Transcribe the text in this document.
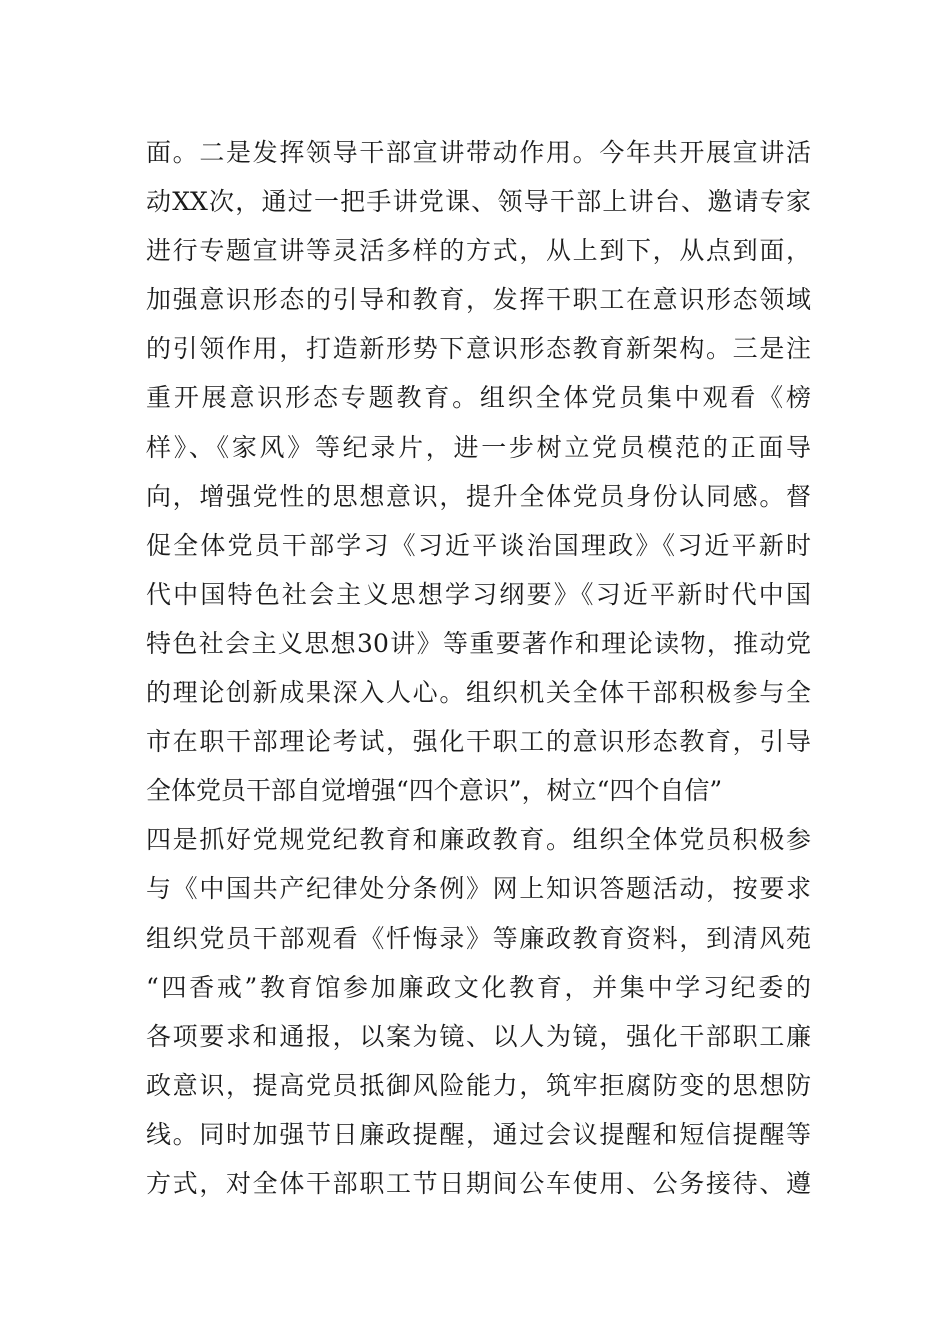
面。二是发挥领导干部宣讲带动作用。今年共开展宣讲活
动XX次，通过一把手讲党课、领导干部上讲台、邀请专家
进行专题宣讲等灵活多样的方式，从上到下，从点到面，
加强意识形态的引导和教育，发挥干职工在意识形态领域
的引领作用，打造新形势下意识形态教育新架构。三是注
重开展意识形态专题教育。组织全体党员集中观看《榜
样》、《家风》等纪录片，进一步树立党员模范的正面导
向，增强党性的思想意识，提升全体党员身份认同感。督
促全体党员干部学习《习近平谈治国理政》《习近平新时
代中国特色社会主义思想学习纲要》《习近平新时代中国
特色社会主义思想30讲》等重要著作和理论读物，推动党
的理论创新成果深入人心。组织机关全体干部积极参与全
市在职干部理论考试，强化干职工的意识形态教育，引导
全体党员干部自觉增强“四个意识”，树立“四个自信”
四是抓好党规党纪教育和廉政教育。组织全体党员积极参
与《中国共产纪律处分条例》网上知识答题活动，按要求
组织党员干部观看《忏悔录》等廉政教育资料，到清风苑
“四香戒”教育馆参加廉政文化教育，并集中学习纪委的
各项要求和通报，以案为镜、以人为镜，强化干部职工廉
政意识，提高党员抵御风险能力，筑牢拒腐防变的思想防
线。同时加强节日廉政提醒，通过会议提醒和短信提醒等
方式，对全体干部职工节日期间公车使用、公务接待、遵
